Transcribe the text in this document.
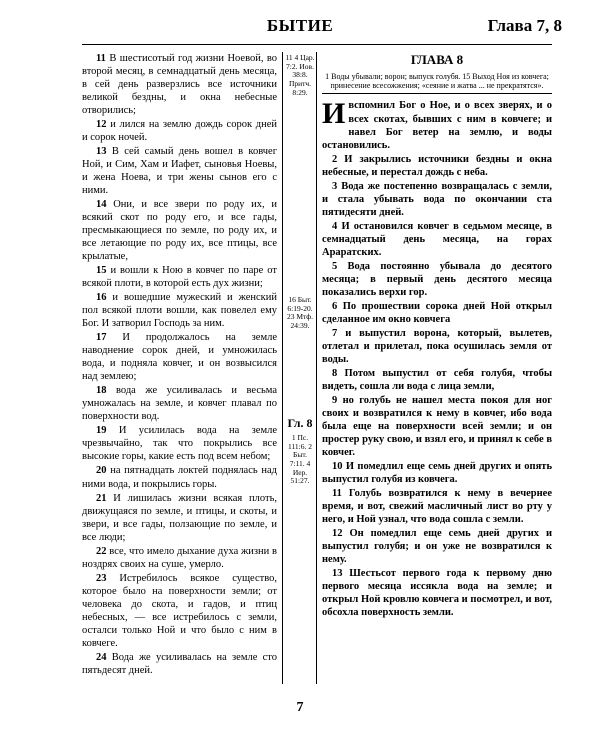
БЫТИЕ	Глава 7, 8

11 В шестисотый год жизни Ноевой, во второй месяц, в семнадцатый день месяца, в сей день разверзлись все источники великой бездны, и окна небесные отворились;

12 и лился на землю дождь сорок дней и сорок ночей.

13 В сей самый день вошел в ковчег Ной, и Сим, Хам и Иафет, сыновья Ноевы, и жена Ноева, и три жены сынов его с ними.

14 Они, и все звери по роду их, и всякий скот по роду его, и все гады, пресмыкающиеся по земле, по роду их, и все летающие по роду их, все птицы, все крылатые,

15 и вошли к Ною в ковчег по паре от всякой плоти, в которой есть дух жизни;

16 и вошедшие мужеский и женский пол всякой плоти вошли, как повелел ему Бог. И затворил Господь за ним.

17 И продолжалось на земле наводнение сорок дней, и умножилась вода, и подняла ковчег, и он возвысился над землею;

18 вода же усиливалась и весьма умножалась на земле, и ковчег плавал по поверхности вод.

19 И усилилась вода на земле чрезвычайно, так что покрылись все высокие горы, какие есть под всем небом;

20 на пятнадцать локтей поднялась над ними вода, и покрылись горы.

21 И лишилась жизни всякая плоть, движущаяся по земле, и птицы, и скоты, и звери, и все гады, ползающие по земле, и все люди;

22 все, что имело дыхание духа жизни в ноздрях своих на суше, умерло.

23 Истребилось всякое существо, которое было на поверхности земли; от человека до скота, и гадов, и птиц небесных, — все истребилось с земли, осталси только Ной и что было с ним в ковчеге.

24 Вода же усиливалась на земле сто пятьдесят дней.

11 4 Цар. 7:2. Иов. 38:8. Притч. 8:29.
16 Быт. 6:19-20. 23 Мтф. 24:39.
Гл. 8
1 Пс. 111:6. 2 Быт. 7:11. 4 Иер. 51:27.
ГЛАВА 8
1 Воды убывали; ворон; выпуск голубя. 15 Выход Ноя из ковчега; принесение всесожжения; «сеяние и жатва ... не прекратятся».

Ивспомнил Бог о Ное, и о всех зверях, и о всех скотах, бывших с ним в ковчеге; и навел Бог ветер на землю, и воды остановились.

2 И закрылись источники бездны и окна небесные, и перестал дождь с неба.

3 Вода же постепенно возвращалась с земли, и стала убывать вода по окончании ста пятидесяти дней.

4 И остановился ковчег в седьмом месяце, в семнадцатый день месяца, на горах Араратских.

5 Вода постоянно убывала до десятого месяца; в первый день десятого месяца показались верхи гор.

6 По прошествии сорока дней Ной открыл сделанное им окно ковчега

7 и выпустил ворона, который, вылетев, отлетал и прилетал, пока осушилась земля от воды.

8 Потом выпустил от себя голубя, чтобы видеть, сошла ли вода с лица земли,

9 но голубь не нашел места покоя для ног своих и возвратился к нему в ковчег, ибо вода была еще на поверхности всей земли; и он простер руку свою, и взял его, и принял к себе в ковчег.

10 И помедлил еще семь дней других и опять выпустил голубя из ковчега.

11 Голубь возвратился к нему в вечернее время, и вот, свежий масличный лист во рту у него, и Ной узнал, что вода сошла с земли.

12 Он помедлил еще семь дней других и выпустил голубя; и он уже не возвратился к нему.

13 Шестьсот первого года к первому дню первого месяца иссякла вода на земле; и открыл Ной кровлю ковчега и посмотрел, и вот, обсохла поверхность земли.

7
